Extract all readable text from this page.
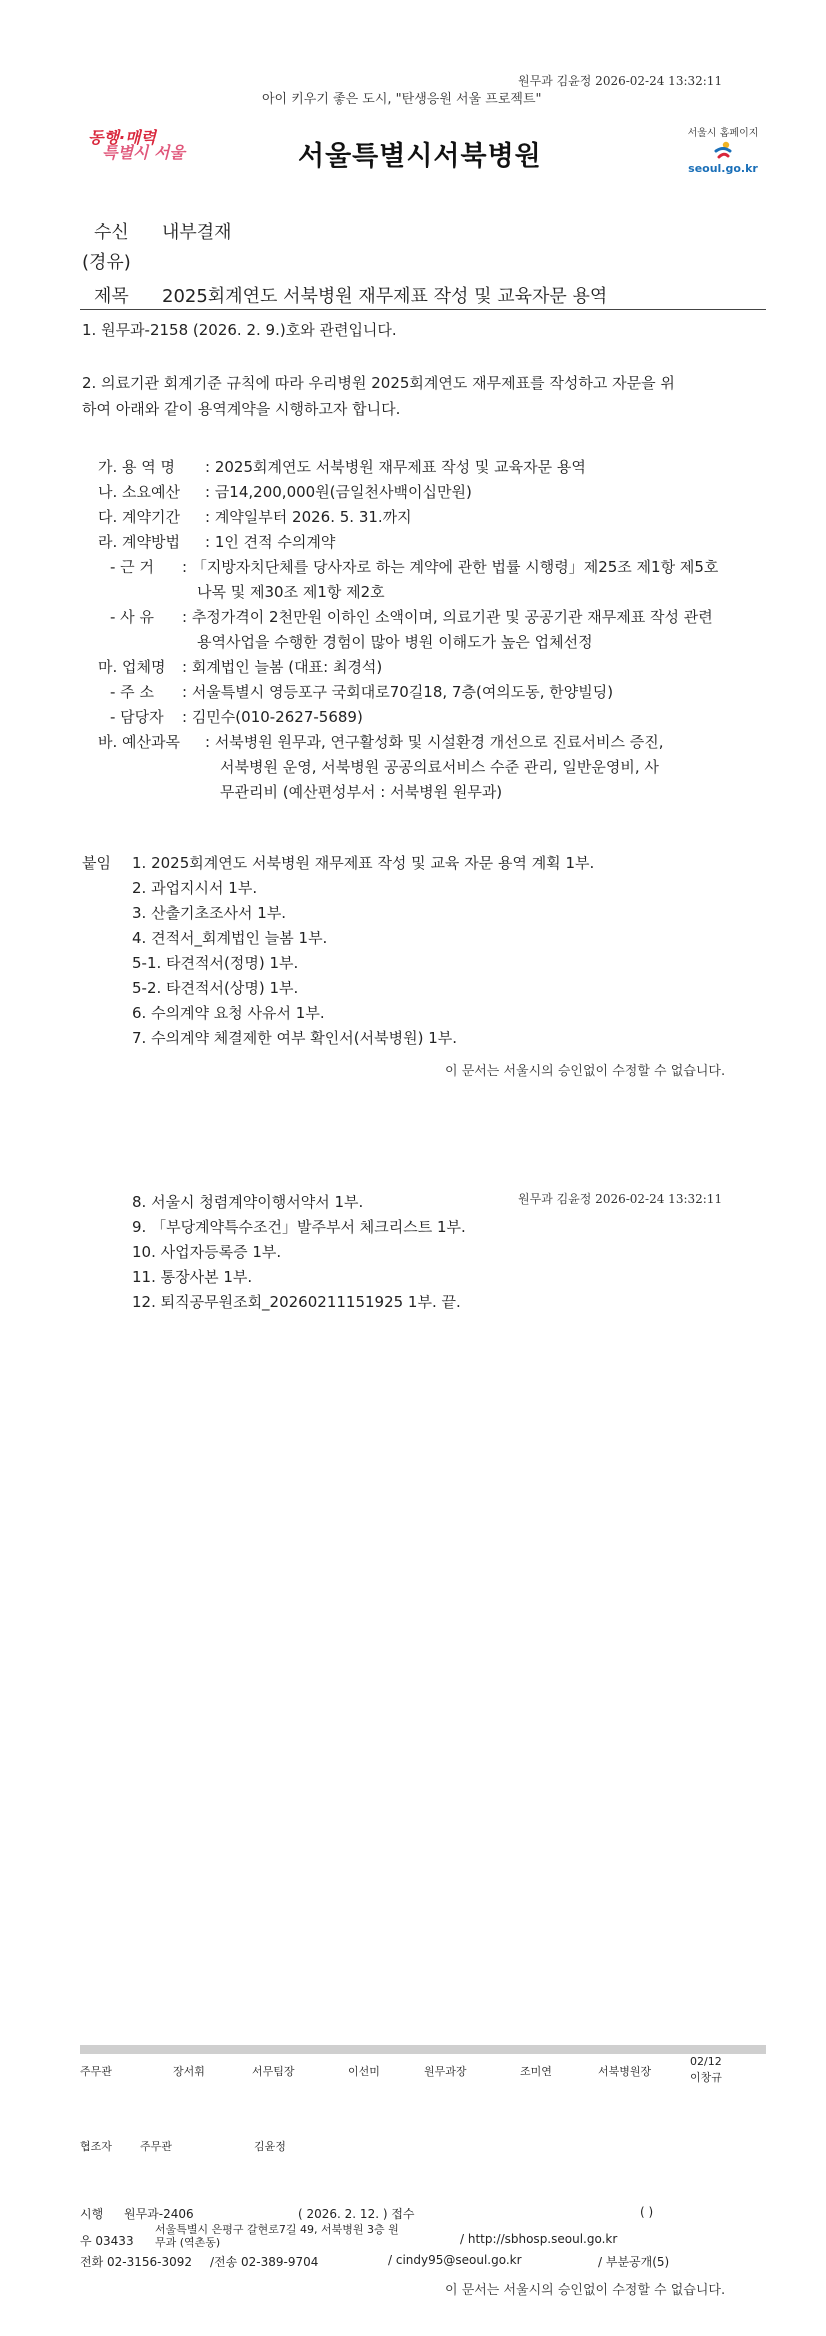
원무과 김윤정 2026-02-24 13:32:11
아이 키우기 좋은 도시, "탄생응원 서울 프로젝트"
동행·매력
특별시 서울	서울특별시서북병원
서울시 홈페이지
seoul.go.kr
수신 내부결재
(경유)
제목 2025회계연도 서북병원 재무제표 작성 및 교육자문 용역
1. 원무과-2158 (2026. 2. 9.)호와 관련입니다.
2. 의료기관 회계기준 규칙에 따라 우리병원 2025회계연도 재무제표를 작성하고 자문을 위
하여 아래와 같이 용역계약을 시행하고자 합니다.
가. 용 역 명 : 2025회계연도 서북병원 재무제표 작성 및 교육자문 용역
나. 소요예산 : 금14,200,000원(금일천사백이십만원)
다. 계약기간 : 계약일부터 2026. 5. 31.까지
라. 계약방법 : 1인 견적 수의계약
- 근 거 : 「지방자치단체를 당사자로 하는 계약에 관한 법률 시행령」제25조 제1항 제5호
나목 및 제30조 제1항 제2호
- 사 유 : 추정가격이 2천만원 이하인 소액이며, 의료기관 및 공공기관 재무제표 작성 관련
용역사업을 수행한 경험이 많아 병원 이해도가 높은 업체선정
마. 업체명 : 회계법인 늘봄 (대표: 최경석)
- 주 소 : 서울특별시 영등포구 국회대로70길18, 7층(여의도동, 한양빌딩)
- 담당자 : 김민수(010-2627-5689)
바. 예산과목 : 서북병원 원무과, 연구활성화 및 시설환경 개선으로 진료서비스 증진,
서북병원 운영, 서북병원 공공의료서비스 수준 관리, 일반운영비, 사
무관리비 (예산편성부서 : 서북병원 원무과)
붙임 1. 2025회계연도 서북병원 재무제표 작성 및 교육 자문 용역 계획 1부.
2. 과업지시서 1부.
3. 산출기초조사서 1부.
4. 견적서_회계법인 늘봄 1부.
5-1. 타견적서(정명) 1부.
5-2. 타견적서(상명) 1부.
6. 수의계약 요청 사유서 1부.
7. 수의계약 체결제한 여부 확인서(서북병원) 1부.
이 문서는 서울시의 승인없이 수정할 수 없습니다.
원무과 김윤정 2026-02-24 13:32:11
8. 서울시 청렴계약이행서약서 1부.
9. 「부당계약특수조건」발주부서 체크리스트 1부.
10. 사업자등록증 1부.
11. 통장사본 1부.
12. 퇴직공무원조회_20260211151925 1부. 끝.
주무관	장서휘	서무팀장	이선미	원무과장	조미연	서북병원장
02/12
이창규
협조자	주무관	김윤정
시행 원무과-2406	( 2026. 2. 12. ) 접수	( )
우 03433
서울특별시 은평구 갈현로7길 49, 서북병원 3층 원
무과 (역촌동)	/ http://sbhosp.seoul.go.kr
전화 02-3156-3092 /전송 02-389-9704	/ cindy95@seoul.go.kr	/ 부분공개(5)
이 문서는 서울시의 승인없이 수정할 수 없습니다.
